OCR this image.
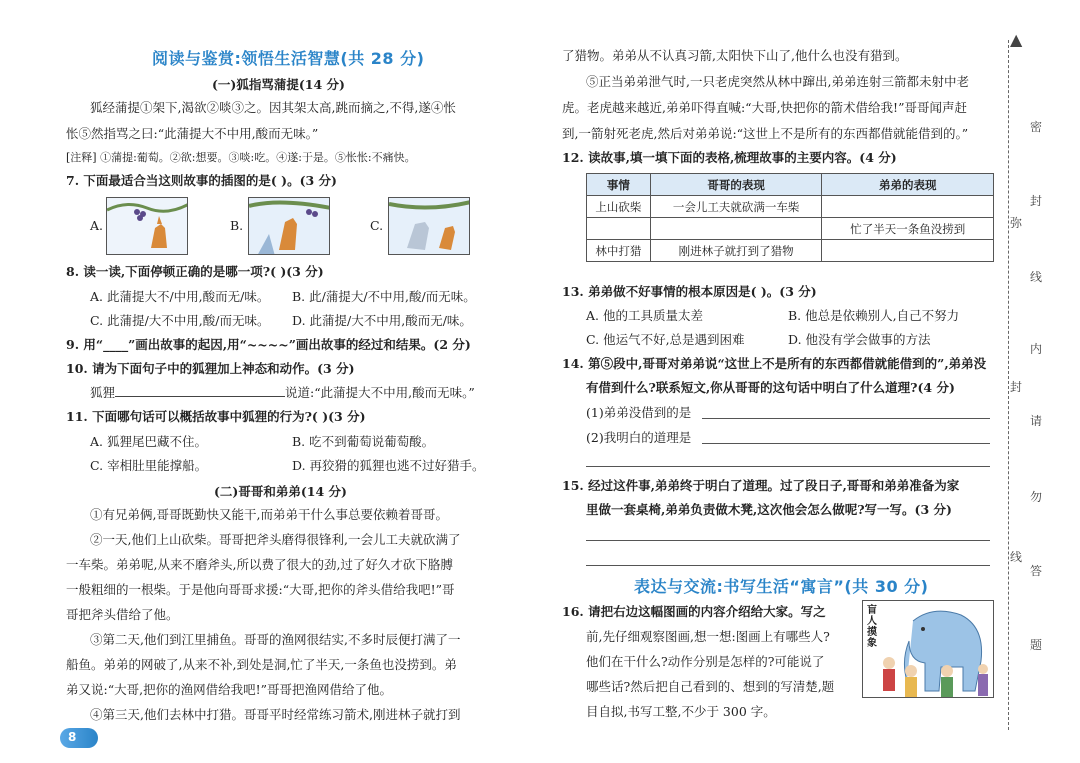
阅读与鉴赏:领悟生活智慧(共 28 分)
(一)狐指骂蒲提(14 分)
狐经蒲提①架下,渴欲②啖③之。因其架太高,跳而摘之,不得,遂④怅
怅⑤然指骂之曰:“此蒲提大不中用,酸而无味。”
[注释] ①蒲提:葡萄。②欲:想要。③啖:吃。④遂:于是。⑤怅怅:不痛快。
7. 下面最适合当这则故事的插图的是( )。(3 分)
A.	B.	C.
8. 读一读,下面停顿正确的是哪一项?( )(3 分)
A. 此蒲提大不/中用,酸而无/味。 B. 此/蒲提大/不中用,酸/而无味。
C. 此蒲提/大不中用,酸/而无味。 D. 此蒲提/大不中用,酸而无/味。
9. 用“____”画出故事的起因,用“~~~~”画出故事的经过和结果。(2 分)
10. 请为下面句子中的狐狸加上神态和动作。(3 分)
狐狸	说道:“此蒲提大不中用,酸而无味。”
11. 下面哪句话可以概括故事中狐狸的行为?( )(3 分)
A. 狐狸尾巴藏不住。	B. 吃不到葡萄说葡萄酸。
C. 宰相肚里能撑船。	D. 再狡猾的狐狸也逃不过好猎手。
(二)哥哥和弟弟(14 分)
①有兄弟俩,哥哥既勤快又能干,而弟弟干什么事总要依赖着哥哥。
②一天,他们上山砍柴。哥哥把斧头磨得很锋利,一会儿工夫就砍满了
一车柴。弟弟呢,从来不磨斧头,所以费了很大的劲,过了好久才砍下胳膊
一般粗细的一根柴。于是他向哥哥求援:“大哥,把你的斧头借给我吧!”哥
哥把斧头借给了他。
③第二天,他们到江里捕鱼。哥哥的渔网很结实,不多时辰便打满了一
船鱼。弟弟的网破了,从来不补,到处是洞,忙了半天,一条鱼也没捞到。弟
弟又说:“大哥,把你的渔网借给我吧!”哥哥把渔网借给了他。
④第三天,他们去林中打猎。哥哥平时经常练习箭术,刚进林子就打到
8
了猎物。弟弟从不认真习箭,太阳快下山了,他什么也没有猎到。
⑤正当弟弟泄气时,一只老虎突然从林中蹿出,弟弟连射三箭都未射中老
虎。老虎越来越近,弟弟吓得直喊:“大哥,快把你的箭术借给我!”哥哥闻声赶
到,一箭射死老虎,然后对弟弟说:“这世上不是所有的东西都借就能借到的。”
12. 读故事,填一填下面的表格,梳理故事的主要内容。(4 分)
事情	哥哥的表现	弟弟的表现
上山砍柴	一会儿工夫就砍满一车柴	
		忙了半天一条鱼没捞到
林中打猎	刚进林子就打到了猎物	
13. 弟弟做不好事情的根本原因是( )。(3 分)
A. 他的工具质量太差	B. 他总是依赖别人,自己不努力
C. 他运气不好,总是遇到困难	D. 他没有学会做事的方法
14. 第⑤段中,哥哥对弟弟说“这世上不是所有的东西都借就能借到的”,弟弟没
有借到什么?联系短文,你从哥哥的这句话中明白了什么道理?(4 分)
(1)弟弟没借到的是
(2)我明白的道理是
15. 经过这件事,弟弟终于明白了道理。过了段日子,哥哥和弟弟准备为家
里做一套桌椅,弟弟负责做木凳,这次他会怎么做呢?写一写。(3 分)
表达与交流:书写生活“寓言”(共 30 分)
16. 请把右边这幅图画的内容介绍给大家。写之
前,先仔细观察图画,想一想:图画上有哪些人?
他们在干什么?动作分别是怎样的?可能说了
哪些话?然后把自己看到的、想到的写清楚,题
目自拟,书写工整,不少于 300 字。
盲人摸象
▲
密
封
弥
线
内
封
请
勿
线
答
题
